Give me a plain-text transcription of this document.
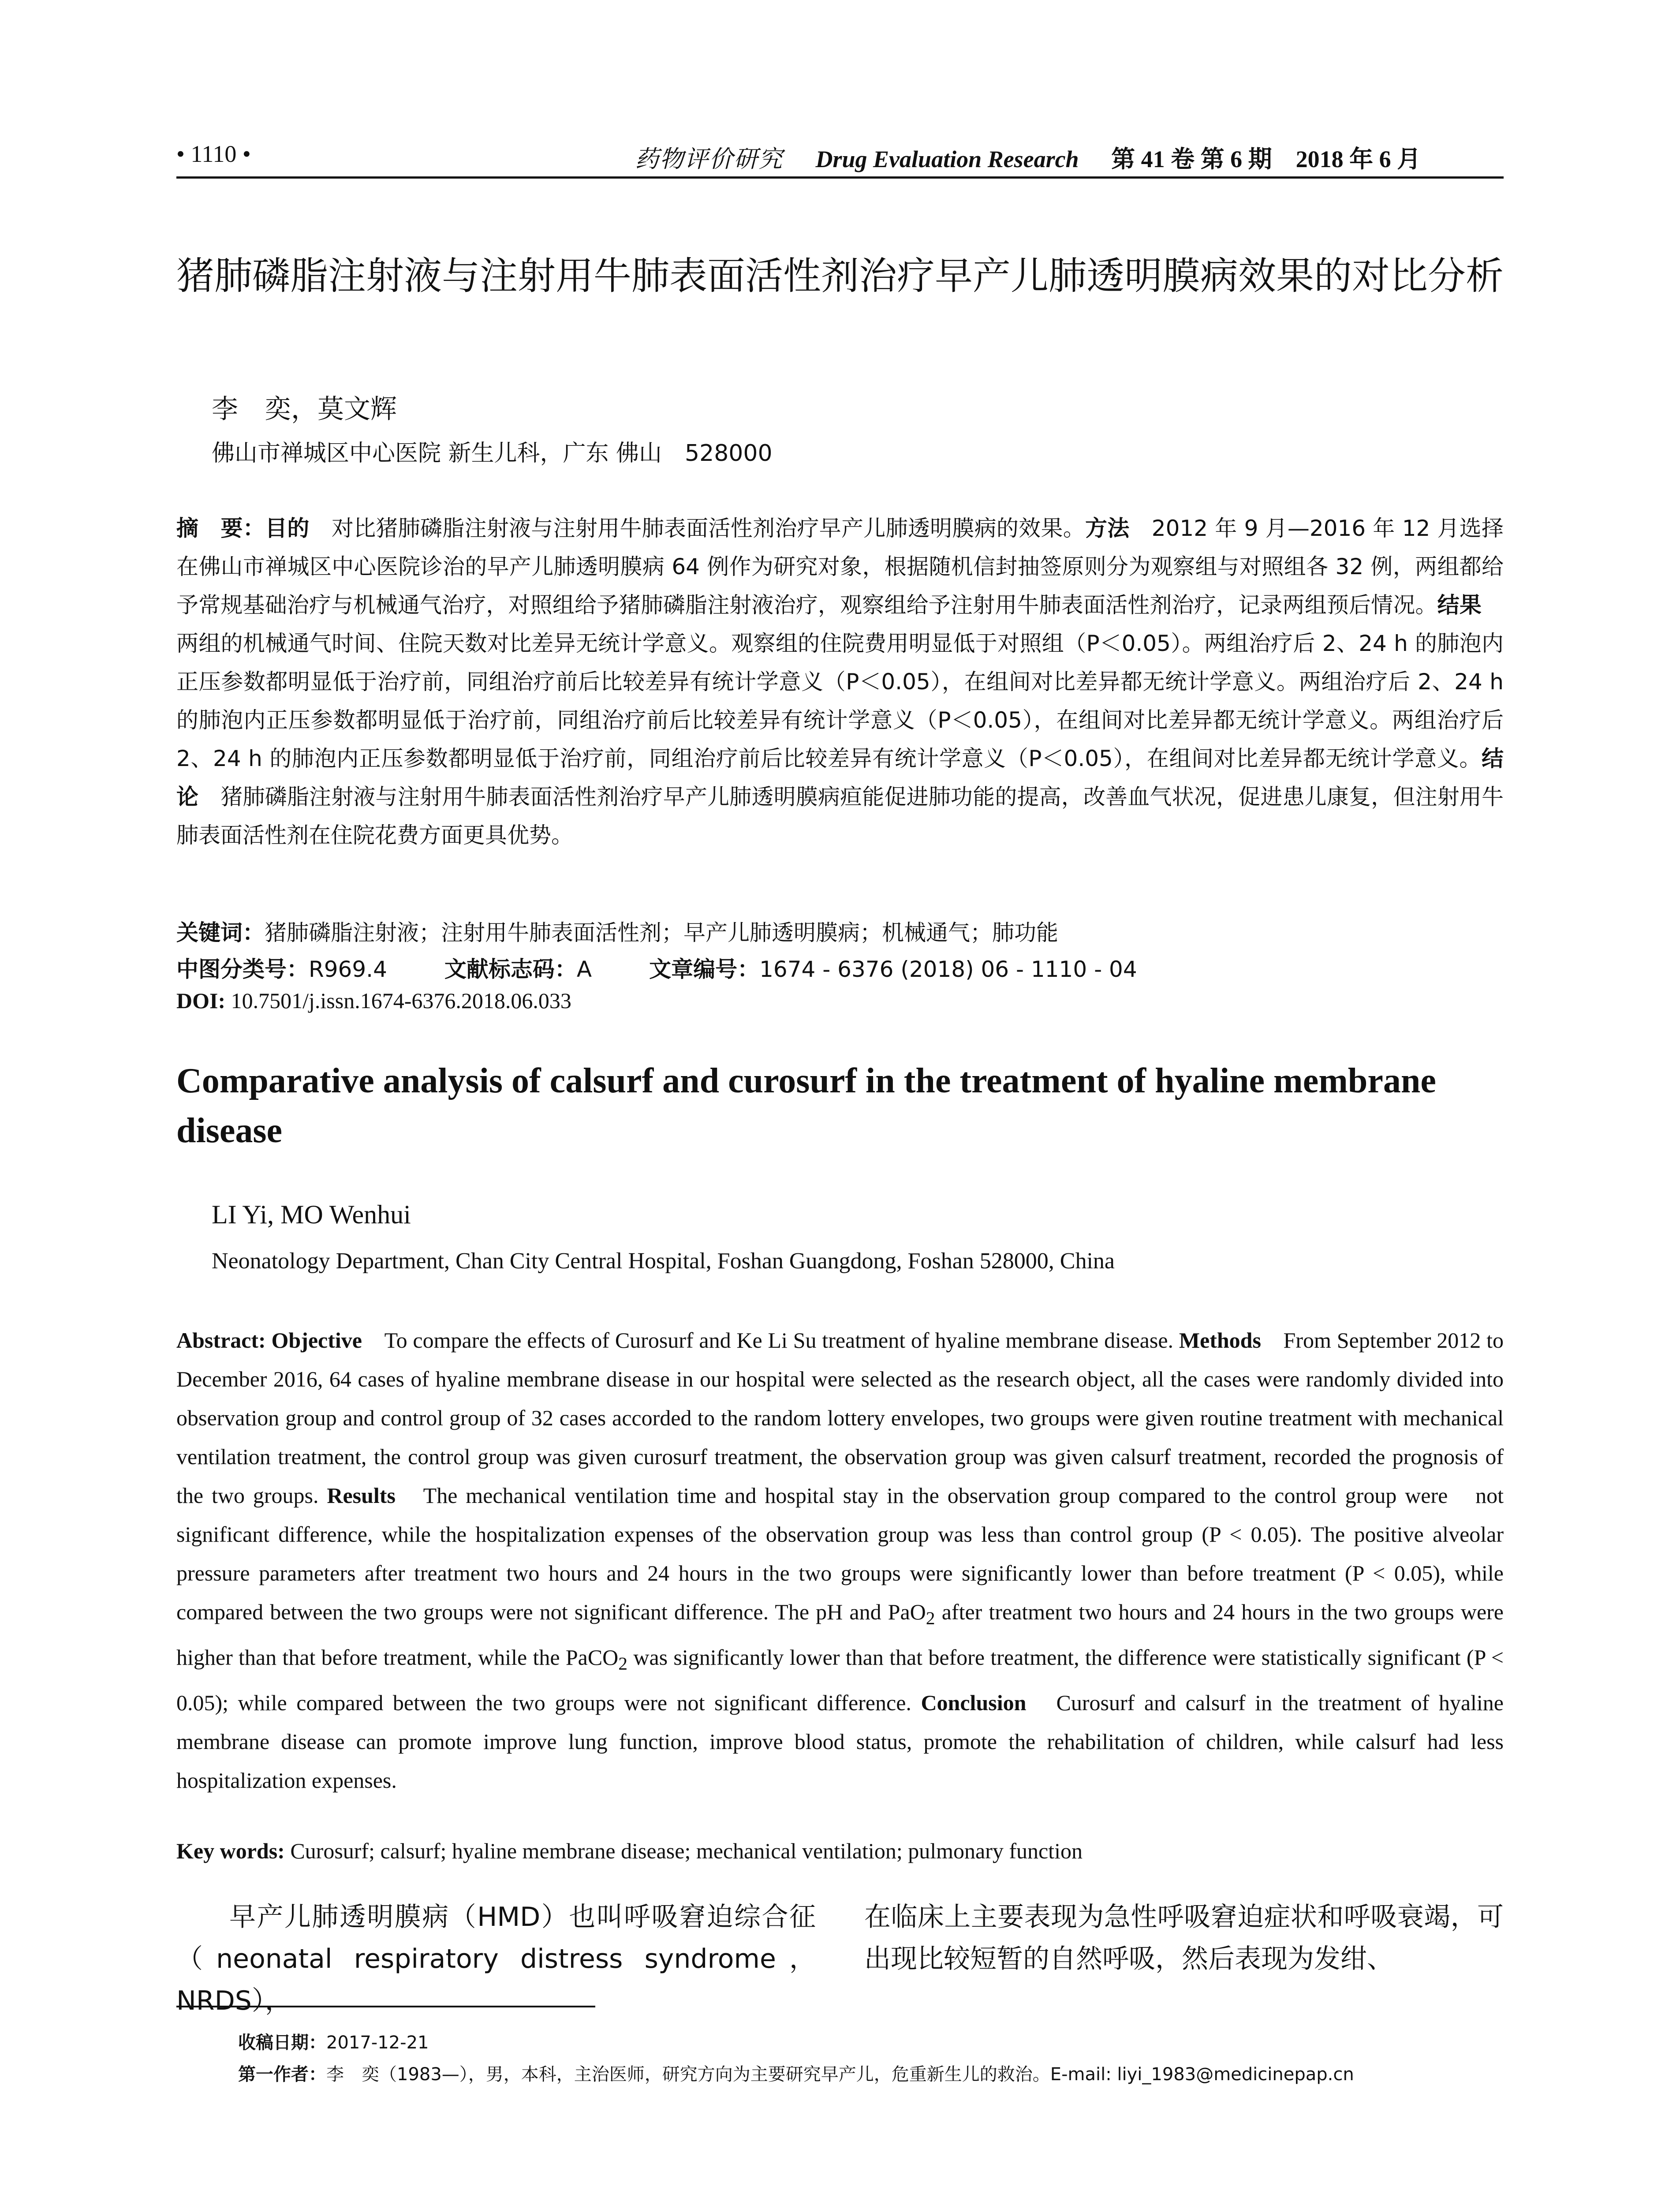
• 1110 •	药物评价研究 Drug Evaluation Research 第 41 卷 第 6 期　2018 年 6 月
猪肺磷脂注射液与注射用牛肺表面活性剂治疗早产儿肺透明膜病效果的对比分析
李　奕，莫文辉
佛山市禅城区中心医院 新生儿科，广东 佛山　528000
摘　要：目的　对比猪肺磷脂注射液与注射用牛肺表面活性剂治疗早产儿肺透明膜病的效果。方法　2012 年 9 月—2016 年 12 月选择在佛山市禅城区中心医院诊治的早产儿肺透明膜病 64 例作为研究对象，根据随机信封抽签原则分为观察组与对照组各 32 例，两组都给予常规基础治疗与机械通气治疗，对照组给予猪肺磷脂注射液治疗，观察组给予注射用牛肺表面活性剂治疗，记录两组预后情况。结果　两组的机械通气时间、住院天数对比差异无统计学意义。观察组的住院费用明显低于对照组（P＜0.05）。两组治疗后 2、24 h 的肺泡内正压参数都明显低于治疗前，同组治疗前后比较差异有统计学意义（P＜0.05），在组间对比差异都无统计学意义。两组治疗后 2、24 h 的肺泡内正压参数都明显低于治疗前，同组治疗前后比较差异有统计学意义（P＜0.05），在组间对比差异都无统计学意义。两组治疗后 2、24 h 的肺泡内正压参数都明显低于治疗前，同组治疗前后比较差异有统计学意义（P＜0.05），在组间对比差异都无统计学意义。结论　猪肺磷脂注射液与注射用牛肺表面活性剂治疗早产儿肺透明膜病疸能促进肺功能的提高，改善血气状况，促进患儿康复，但注射用牛肺表面活性剂在住院花费方面更具优势。
关键词：猪肺磷脂注射液；注射用牛肺表面活性剂；早产儿肺透明膜病；机械通气；肺功能
中图分类号：R969.4	文献标志码：A	文章编号：1674 - 6376 (2018) 06 - 1110 - 04
DOI: 10.7501/j.issn.1674-6376.2018.06.033
Comparative analysis of calsurf and curosurf in the treatment of hyaline membrane disease
LI Yi, MO Wenhui
Neonatology Department, Chan City Central Hospital, Foshan Guangdong, Foshan 528000, China
Abstract: Objective　To compare the effects of Curosurf and Ke Li Su treatment of hyaline membrane disease. Methods　From September 2012 to December 2016, 64 cases of hyaline membrane disease in our hospital were selected as the research object, all the cases were randomly divided into observation group and control group of 32 cases accorded to the random lottery envelopes, two groups were given routine treatment with mechanical ventilation treatment, the control group was given curosurf treatment, the observation group was given calsurf treatment, recorded the prognosis of the two groups. Results　The mechanical ventilation time and hospital stay in the observation group compared to the control group were　not significant difference, while the hospitalization expenses of the observation group was less than control group (P < 0.05). The positive alveolar pressure parameters after treatment two hours and 24 hours in the two groups were significantly lower than before treatment (P < 0.05), while compared between the two groups were not significant difference. The pH and PaO$_2$ after treatment two hours and 24 hours in the two groups were higher than that before treatment, while the PaCO$_2$ was significantly lower than that before treatment, the difference were statistically significant (P < 0.05); while compared between the two groups were not significant difference. Conclusion　Curosurf and calsurf in the treatment of hyaline membrane disease can promote improve lung function, improve blood status, promote the rehabilitation of children, while calsurf had less hospitalization expenses.
Key words: Curosurf; calsurf; hyaline membrane disease; mechanical ventilation; pulmonary function
早产儿肺透明膜病（HMD）也叫呼吸窘迫综合征（neonatal respiratory distress syndrome，NRDS），
在临床上主要表现为急性呼吸窘迫症状和呼吸衰竭，可出现比较短暂的自然呼吸，然后表现为发绀、
收稿日期：2017-12-21
第一作者：李　奕（1983—），男，本科，主治医师，研究方向为主要研究早产儿，危重新生儿的救治。E-mail: liyi_1983@medicinepap.cn
